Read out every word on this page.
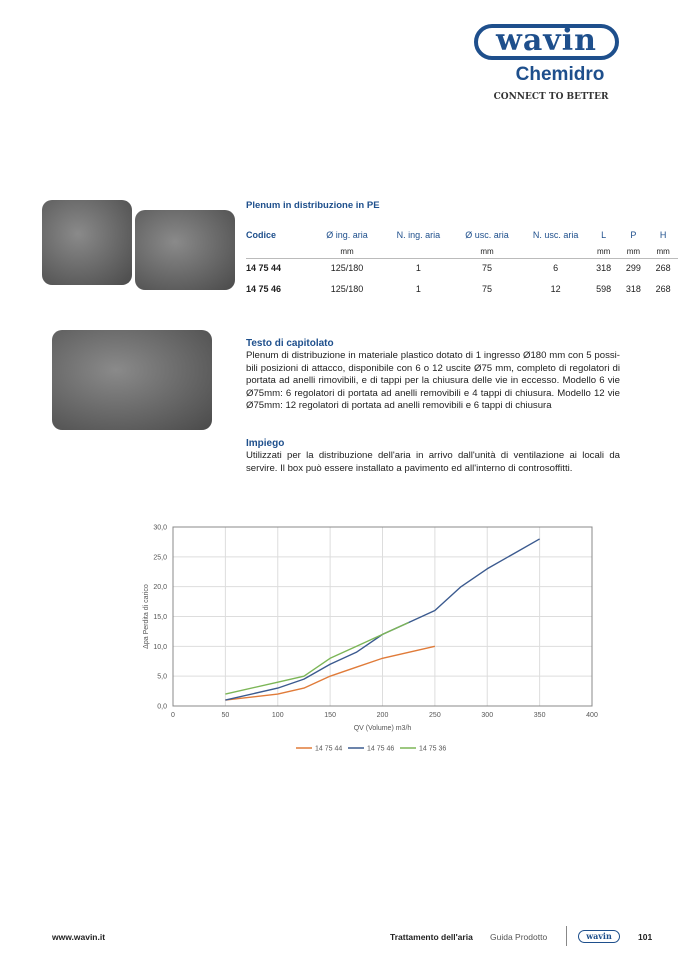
wavin
Chemidro
CONNECT TO BETTER
Plenum in distribuzione in PE
Codice	Ø ing. aria	N. ing. aria	Ø usc. aria	N. usc. aria	L	P	H
	mm		mm		mm	mm	mm
14 75 44	125/180	1	75	6	318	299	268
14 75 46	125/180	1	75	12	598	318	268
Testo di capitolato
Plenum di distribuzione in materiale plastico dotato di 1 ingresso Ø180 mm con 5 possi-bili posizioni di attacco, disponibile con 6 o 12 uscite Ø75 mm, completo di regolatori di portata ad anelli rimovibili, e di tappi per la chiusura delle vie in eccesso. Modello 6 vie Ø75mm: 6 regolatori di portata ad anelli removibili e 4 tappi di chiusura. Modello 12 vie Ø75mm: 12 regolatori di portata ad anelli removibili e 6 tappi di chiusura
Impiego
Utilizzati per la distribuzione dell'aria in arrivo dall'unità di ventilazione ai locali da servire. Il box può essere installato a pavimento ed all'interno di controsoffitti.
0	50	100	150	200	250	300	350	400
0,0
5,0
10,0
15,0
20,0
25,0
30,0
QV (Volume) m3/h
Δpa Perdita di carico
14 75 44	14 75 46	14 75 36
www.wavin.it	Trattamento dell'aria Guida Prodotto	wavin	101
